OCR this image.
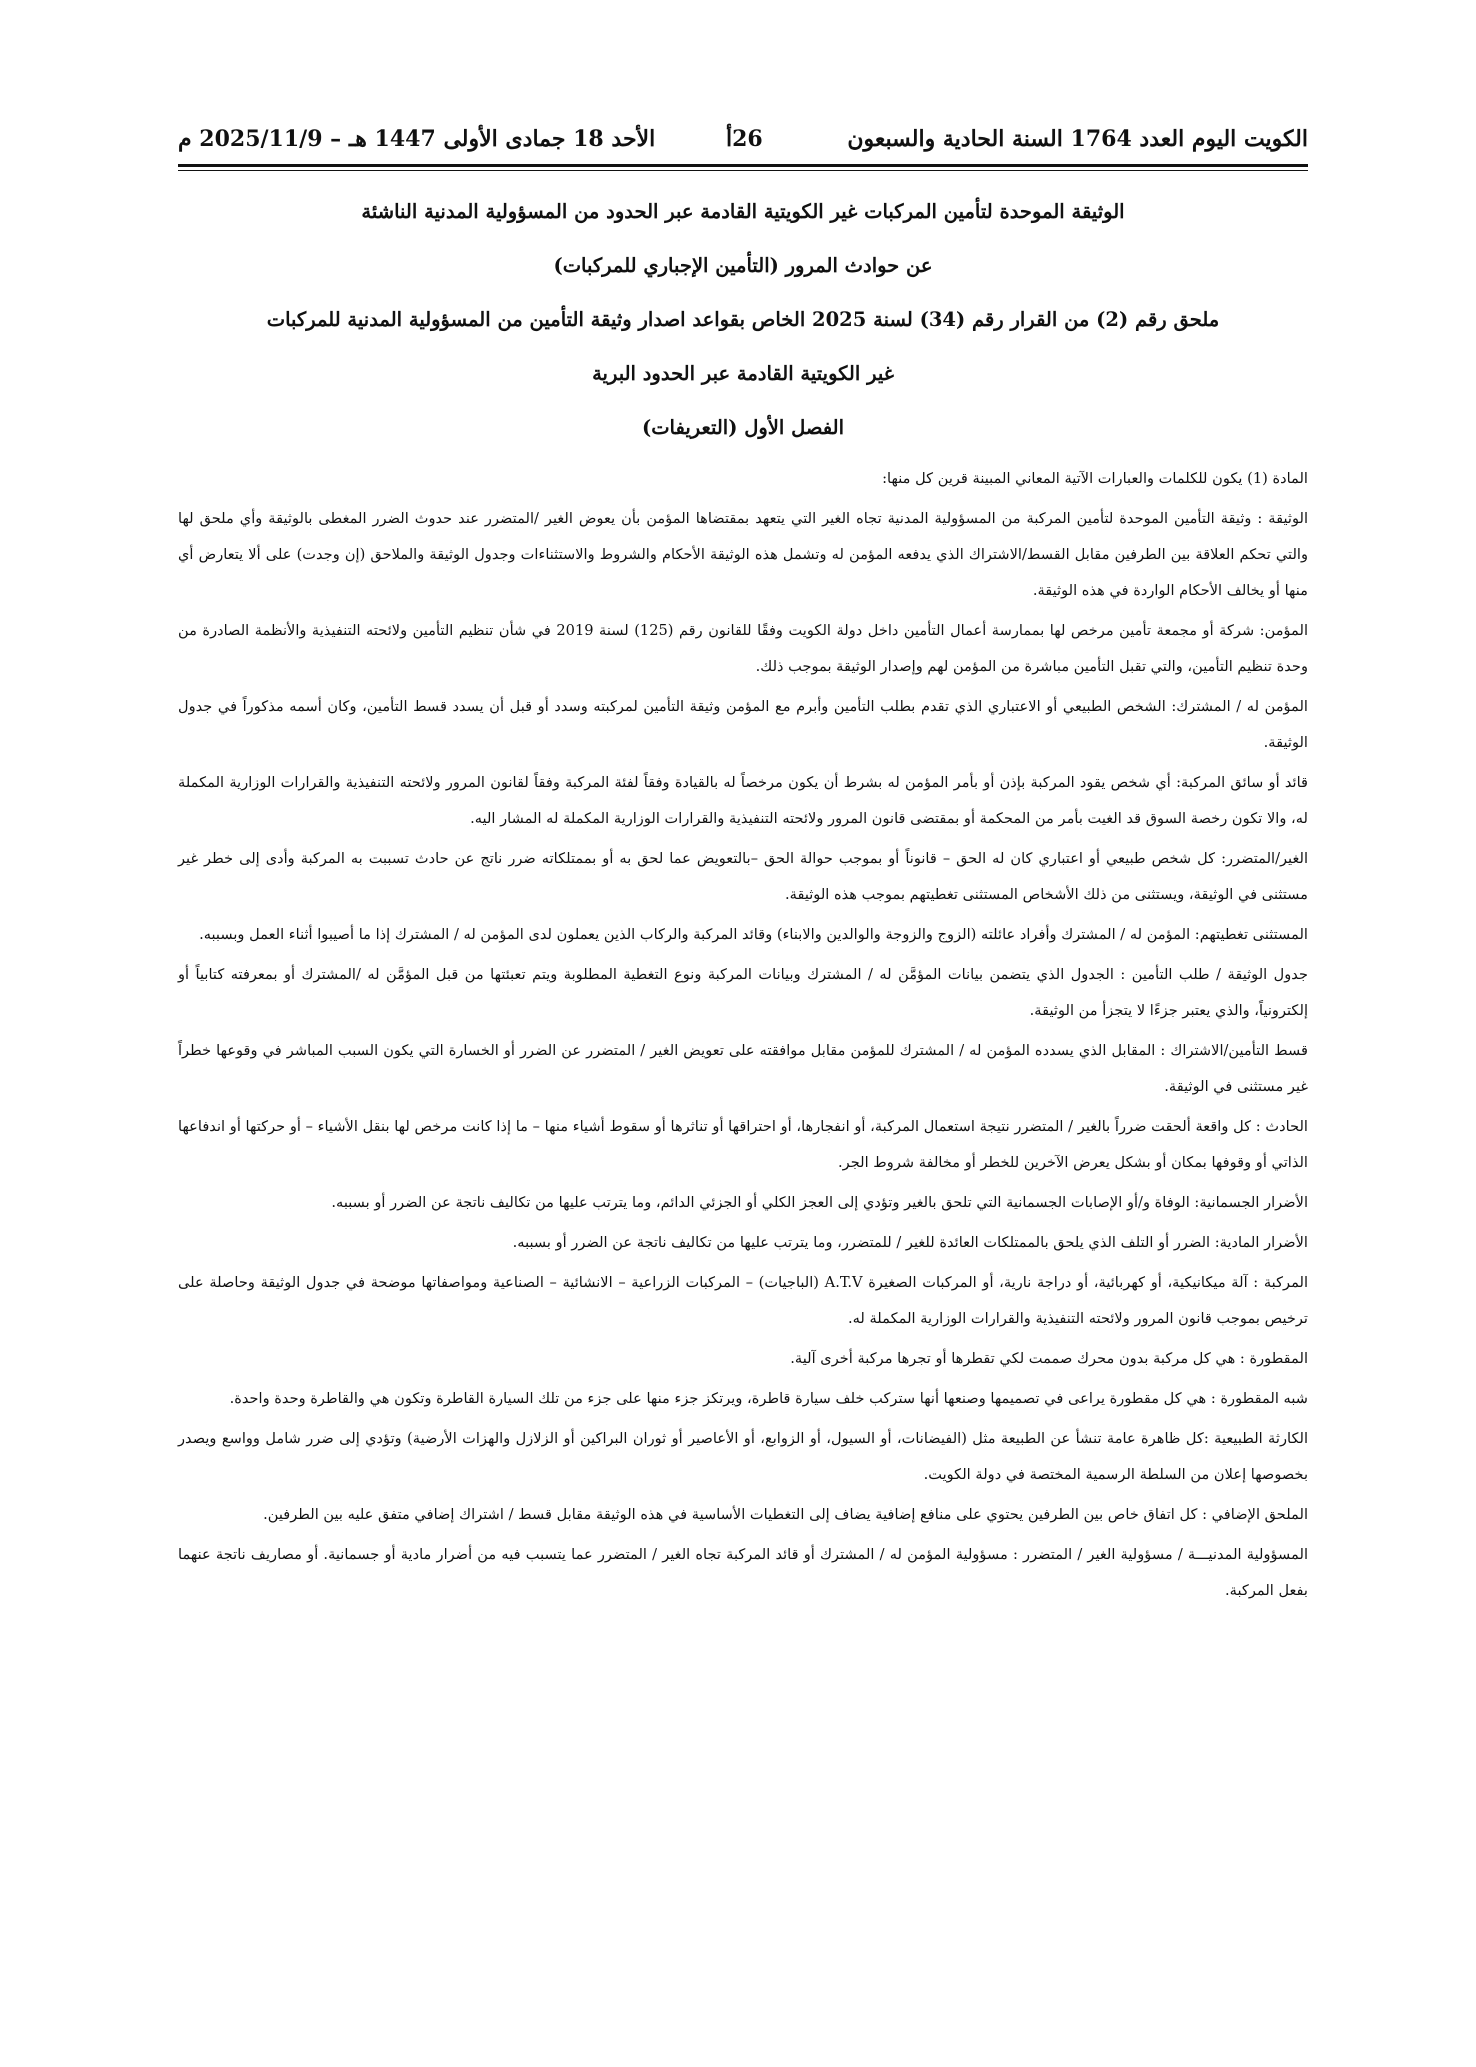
الكويت اليوم العدد 1764 السنة الحادية والسبعون
26أ
الأحد 18 جمادى الأولى 1447 هـ – 2025/11/9 م
الوثيقة الموحدة لتأمين المركبات غير الكويتية القادمة عبر الحدود من المسؤولية المدنية الناشئة
عن حوادث المرور (التأمين الإجباري للمركبات)
ملحق رقم (2) من القرار رقم (34) لسنة 2025 الخاص بقواعد اصدار وثيقة التأمين من المسؤولية المدنية للمركبات
غير الكويتية القادمة عبر الحدود البرية
الفصل الأول (التعريفات)

المادة (1) يكون للكلمات والعبارات الآتية المعاني المبينة قرين كل منها:

الوثيقة : وثيقة التأمين الموحدة لتأمين المركبة من المسؤولية المدنية تجاه الغير التي يتعهد بمقتضاها المؤمن بأن يعوض الغير /المتضرر عند حدوث الضرر المغطى بالوثيقة وأي ملحق لها والتي تحكم العلاقة بين الطرفين مقابل القسط/الاشتراك الذي يدفعه المؤمن له وتشمل هذه الوثيقة الأحكام والشروط والاستثناءات وجدول الوثيقة والملاحق (إن وجدت) على ألا يتعارض أي منها أو يخالف الأحكام الواردة في هذه الوثيقة.

المؤمن: شركة أو مجمعة تأمين مرخص لها بممارسة أعمال التأمين داخل دولة الكويت وفقًا للقانون رقم (125) لسنة 2019 في شأن تنظيم التأمين ولائحته التنفيذية والأنظمة الصادرة من وحدة تنظيم التأمين، والتي تقبل التأمين مباشرة من المؤمن لهم وإصدار الوثيقة بموجب ذلك.

المؤمن له / المشترك: الشخص الطبيعي أو الاعتباري الذي تقدم بطلب التأمين وأبرم مع المؤمن وثيقة التأمين لمركبته وسدد أو قبل أن يسدد قسط التأمين، وكان أسمه مذكوراً في جدول الوثيقة.

قائد أو سائق المركبة: أي شخص يقود المركبة بإذن أو بأمر المؤمن له بشرط أن يكون مرخصاً له بالقيادة وفقاً لفئة المركبة وفقاً لقانون المرور ولائحته التنفيذية والقرارات الوزارية المكملة له، والا تكون رخصة السوق قد الغيت بأمر من المحكمة أو بمقتضى قانون المرور ولائحته التنفيذية والقرارات الوزارية المكملة له المشار اليه.

الغير/المتضرر: كل شخص طبيعي أو اعتباري كان له الحق – قانوناً أو بموجب حوالة الحق –بالتعويض عما لحق به أو بممتلكاته ضرر ناتج عن حادث تسببت به المركبة وأدى إلى خطر غير مستثنى في الوثيقة، ويستثنى من ذلك الأشخاص المستثنى تغطيتهم بموجب هذه الوثيقة.

المستثنى تغطيتهم: المؤمن له / المشترك وأفراد عائلته (الزوج والزوجة والوالدين والابناء) وقائد المركبة والركاب الذين يعملون لدى المؤمن له / المشترك إذا ما أصيبوا أثناء العمل وبسببه.

جدول الوثيقة / طلب التأمين : الجدول الذي يتضمن بيانات المؤمَّن له / المشترك وبيانات المركبة ونوع التغطية المطلوبة ويتم تعبئتها من قبل المؤمَّن له /المشترك أو بمعرفته كتابياً أو إلكترونياً، والذي يعتبر جزءًا لا يتجزأ من الوثيقة.

قسط التأمين/الاشتراك : المقابل الذي يسدده المؤمن له / المشترك للمؤمن مقابل موافقته على تعويض الغير / المتضرر عن الضرر أو الخسارة التي يكون السبب المباشر في وقوعها خطراً غير مستثنى في الوثيقة.

الحادث : كل واقعة ألحقت ضرراً بالغير / المتضرر نتيجة استعمال المركبة، أو انفجارها، أو احتراقها أو تناثرها أو سقوط أشياء منها – ما إذا كانت مرخص لها بنقل الأشياء – أو حركتها أو اندفاعها الذاتي أو وقوفها بمكان أو بشكل يعرض الآخرين للخطر أو مخالفة شروط الجر.

الأضرار الجسمانية: الوفاة و/أو الإصابات الجسمانية التي تلحق بالغير وتؤدي إلى العجز الكلي أو الجزئي الدائم، وما يترتب عليها من تكاليف ناتجة عن الضرر أو بسببه.

الأضرار المادية: الضرر أو التلف الذي يلحق بالممتلكات العائدة للغير / للمتضرر، وما يترتب عليها من تكاليف ناتجة عن الضرر أو بسببه.

المركبة : آلة ميكانيكية، أو كهربائية، أو دراجة نارية، أو المركبات الصغيرة A.T.V (الباجيات) – المركبات الزراعية – الانشائية – الصناعية ومواصفاتها موضحة في جدول الوثيقة وحاصلة على ترخيص بموجب قانون المرور ولائحته التنفيذية والقرارات الوزارية المكملة له.

المقطورة : هي كل مركبة بدون محرك صممت لكي تقطرها أو تجرها مركبة أخرى آلية.

شبه المقطورة : هي كل مقطورة يراعى في تصميمها وصنعها أنها ستركب خلف سيارة قاطرة، ويرتكز جزء منها على جزء من تلك السيارة القاطرة وتكون هي والقاطرة وحدة واحدة.

الكارثة الطبيعية :كل ظاهرة عامة تنشأ عن الطبيعة مثل (الفيضانات، أو السيول، أو الزوابع، أو الأعاصير أو ثوران البراكين أو الزلازل والهزات الأرضية) وتؤدي إلى ضرر شامل وواسع ويصدر بخصوصها إعلان من السلطة الرسمية المختصة في دولة الكويت.

الملحق الإضافي : كل اتفاق خاص بين الطرفين يحتوي على منافع إضافية يضاف إلى التغطيات الأساسية في هذه الوثيقة مقابل قسط / اشتراك إضافي متفق عليه بين الطرفين.

المسؤولية المدنيـــة / مسؤولية الغير / المتضرر : مسؤولية المؤمن له / المشترك أو قائد المركبة تجاه الغير / المتضرر عما يتسبب فيه من أضرار مادية أو جسمانية. أو مصاريف ناتجة عنهما بفعل المركبة.
